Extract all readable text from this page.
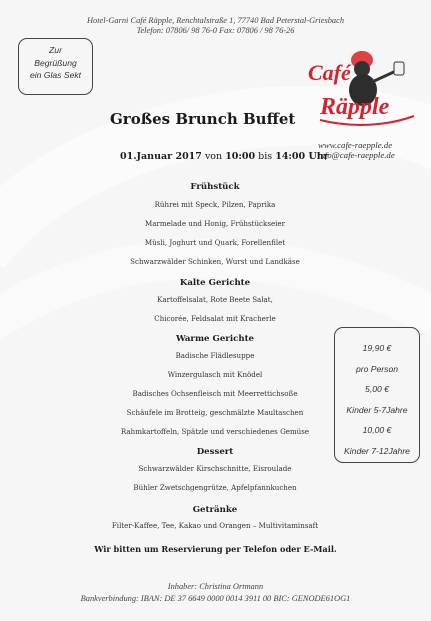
Hotel-Garni Café Räpple, Renchtalstraße 1, 77740 Bad Peterstal-Griesbach
Telefon: 07806/ 98 76-0 Fax: 07806 / 98 76-26
Zur
Begrüßung
ein Glas Sekt	Café
Räpple
www.cafe-raepple.de
info@cafe-raepple.de
Großes Brunch Buffet
01.Januar 2017 von 10:00 bis 14:00 Uhr
Frühstück
Rührei mit Speck, Pilzen, Paprika
Marmelade und Honig, Frühstückseier
Müsli, Joghurt und Quark, Forellenfilet
Schwarzwälder Schinken, Wurst und Landkäse
Kalte Gerichte
Kartoffelsalat, Rote Beete Salat,
Chicorée, Feldsalat mit Kracherle
Warme Gerichte
Badische Flädlesuppe
Winzergulasch mit Knödel
Badisches Ochsenfleisch mit Meerrettichsoße
Schäufele im Brotteig, geschmälzte Maultaschen
Rahmkartoffeln, Spätzle und verschiedenes Gemüse
Dessert
Schwarzwälder Kirschschnitte, Eisroulade
Bühler Zwetschgengrütze, Apfelpfannkuchen
Getränke
Filter-Kaffee, Tee, Kakao und Orangen – Multivitaminsaft
19,90 €
pro Person
5,00 €
Kinder 5-7Jahre
10,00 €
Kinder 7-12Jahre
Wir bitten um Reservierung per Telefon oder E-Mail.
Inhaber: Christina Ortmann
Bankverbindung: IBAN: DE 37 6649 0000 0014 3911 00 BIC: GENODE61OG1
